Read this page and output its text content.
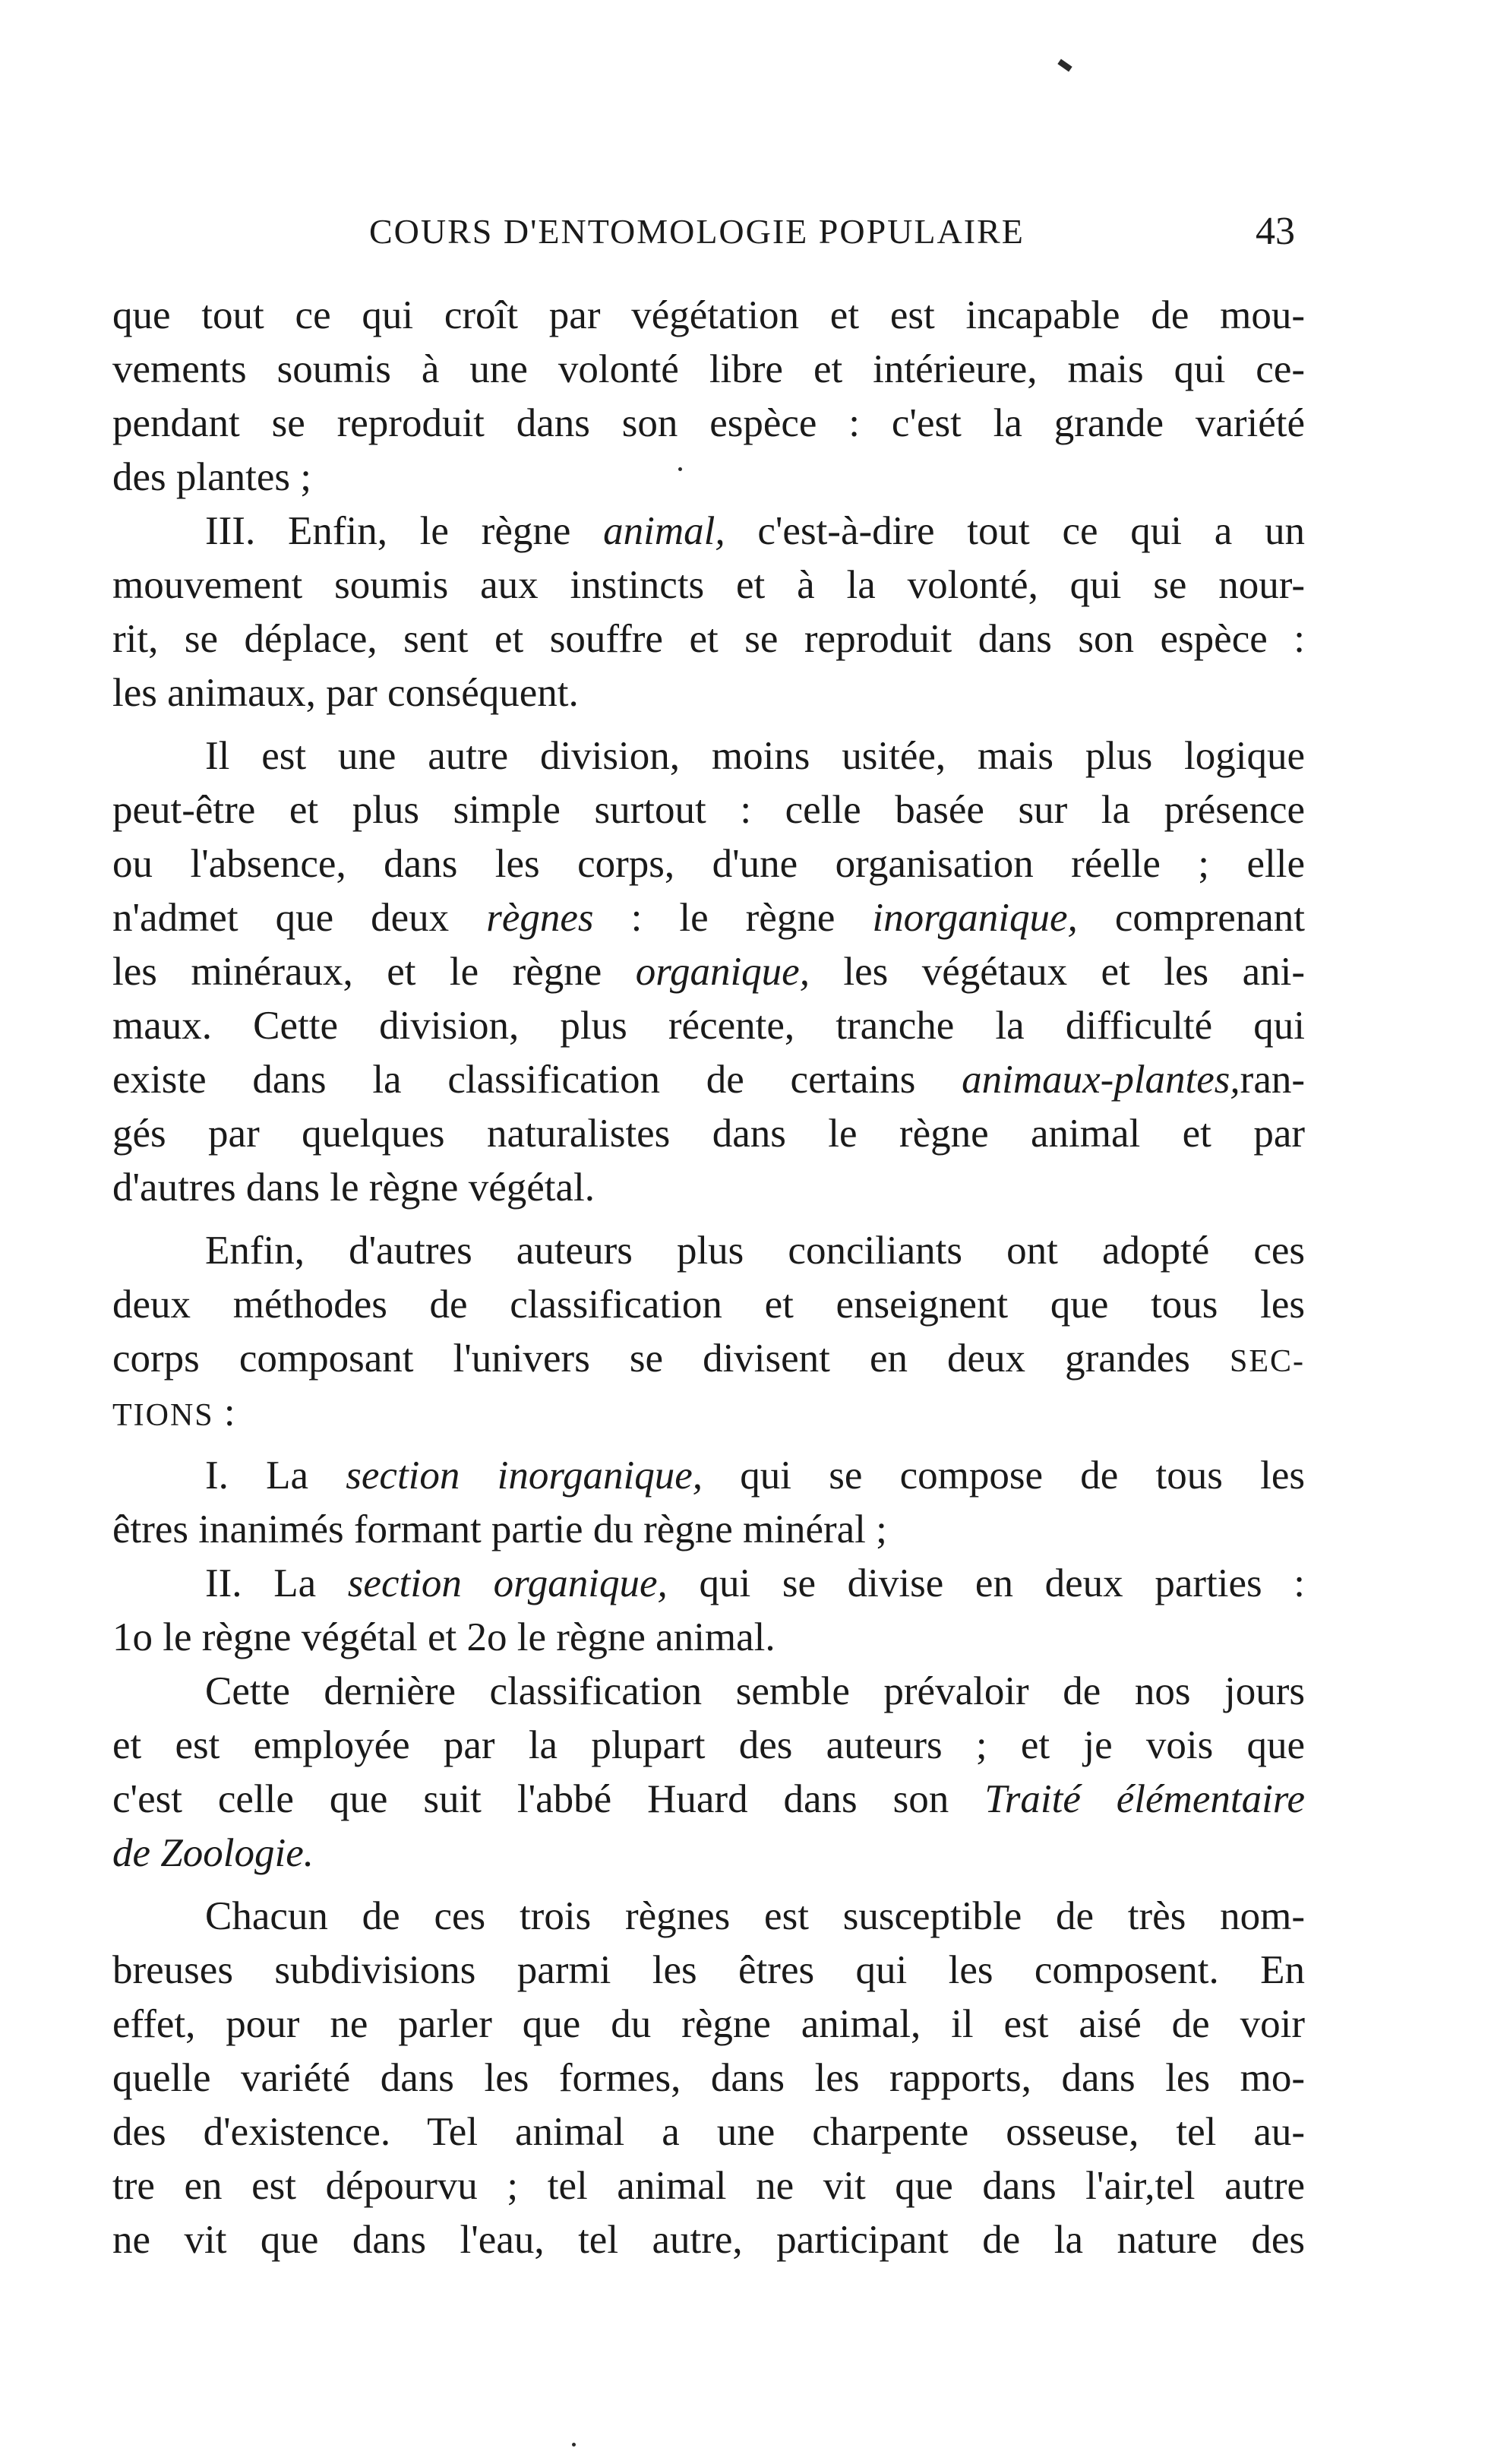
COURS D'ENTOMOLOGIE POPULAIRE	43
que tout ce qui croît par végétation et est incapable de mou-
vements soumis à une volonté libre et intérieure, mais qui ce-
pendant se reproduit dans son espèce : c'est la grande variété
des plantes ;
III. Enfin, le règne animal, c'est-à-dire tout ce qui a un
mouvement soumis aux instincts et à la volonté, qui se nour-
rit, se déplace, sent et souffre et se reproduit dans son espèce :
les animaux, par conséquent.
Il est une autre division, moins usitée, mais plus logique
peut-être et plus simple surtout : celle basée sur la présence
ou l'absence, dans les corps, d'une organisation réelle ; elle
n'admet que deux règnes : le règne inorganique, comprenant
les minéraux, et le règne organique, les végétaux et les ani-
maux. Cette division, plus récente, tranche la difficulté qui
existe dans la classification de certains animaux-plantes,ran-
gés par quelques naturalistes dans le règne animal et par
d'autres dans le règne végétal.
Enfin, d'autres auteurs plus conciliants ont adopté ces
deux méthodes de classification et enseignent que tous les
corps composant l'univers se divisent en deux grandes SEC-
TIONS :
I. La section inorganique, qui se compose de tous les
êtres inanimés formant partie du règne minéral ;
II. La section organique, qui se divise en deux parties :
1o le règne végétal et 2o le règne animal.
Cette dernière classification semble prévaloir de nos jours
et est employée par la plupart des auteurs ; et je vois que
c'est celle que suit l'abbé Huard dans son Traité élémentaire
de Zoologie.
Chacun de ces trois règnes est susceptible de très nom-
breuses subdivisions parmi les êtres qui les composent. En
effet, pour ne parler que du règne animal, il est aisé de voir
quelle variété dans les formes, dans les rapports, dans les mo-
des d'existence. Tel animal a une charpente osseuse, tel au-
tre en est dépourvu ; tel animal ne vit que dans l'air,tel autre
ne vit que dans l'eau, tel autre, participant de la nature des
